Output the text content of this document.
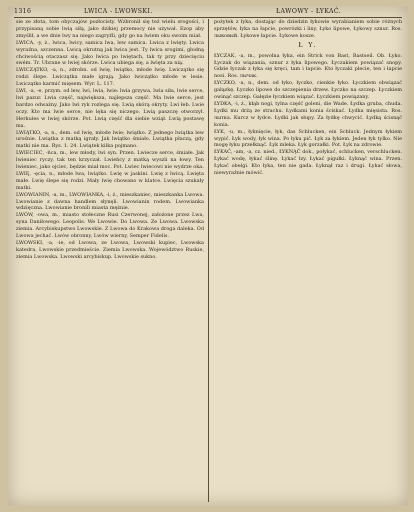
1316	LWICA - LWOWSKI.	ŁAWOWY - ŁYKAĆ.

sie ze złota, tom obyczajów pozłocisty. Wzbronił się też wielu srogości, i przypisaną sobie lwią siłą, jako dzikiej przemocy nie używał. Ezop aby zmyślił, a we dnie lwy na niego zagryźli, gdy go na lwiem oku swoim miał.

LWICA, -y, ż., lwica, lwicy, samica lwa, lew samica. Lwica z lwięty. Lwica wyraźna, szczenna. Lwicą okrutną jak lwica jest. Ty lwica srogimi, głodną chciwością otaczasz się. Jako lwica po lwiętach, tak ty przy dziecięciu swém. Tr. Ubrane w lwiej skórze. Lwica ubiega się, a lwięta za nią.

LWICZĄTKO, -a, n., zdrobn. od lwię, lwiątko, młode lwię. Lwiczątko się rodzi ślepe. Lwiczątka małe igrają. Jako lwiczątko młode w lesie. Lwiczątko karmić mięsem. Wyr. L. 117.

LWI, -a, -e, przym. od lew, lwi, lwia, lwie: lwia grzywa, lwia siła, lwie serce, lwi pazur. Lwia część, największa, najlepsza część. Ma lwie serce, jest bardzo odważny. Jako lwi ryk rozlega się. Lwią skórą okryty. Lwi łeb. Lwie oczy. Kto ma lwie serce, nie lęka się niczego. Lwią paszczę otworzył. Herkules w lwiej skórze. Pot. Lwią część dla siebie wziął. Lwią postawę ma.

LWIĄTKO, -a, n., dem. od lwię, młode lwie; lwiątko. Z jednego lwiątka lew urośnie. Lwiątka z matką igrały. Jak lwiątko śmiało. Lwiątka płaczą, gdy matki nie ma. Rys. 1. 24. Lwiątek kilka pojmano.

LWIECIEC, -ńca, m., lew młody, lwi syn. Przen. Lwiecze serce, śmiałe. Jak lwieniec ryczy, tak ten krzyczał. Lwieńcy z matką wyszli na łowy. Ten lwieniec, jako ojciec, będzie miał moc. Pot. Lwiec lwiecowi nie wydrze oka.

LWIĘ, -ęcia, n., młode lwa, lwiątko. Lwię w jaskini. Lwię z lwicą. Lwięta małe. Lwię ślepe się rodzi. Mały lwię chowano w klatce. Lwięcia szukały matki.

LWOWIANIN, -a, m., LWOWIANKA, -i, ż., mieszkaniec, mieszkanka Lwowa. Lwowianie z dawna handlem słynęli. Lwowianin rodem. Lwowianka wdzięczna. Lwowianie bronili miasta mężnie.

LWÓW, -owa, m., miasto stołeczne Rusi Czerwonej, założone przez Lwa, syna Daniłowego. Leopolis. We Lwowie. Do Lwowa. Ze Lwowa. Lwowska ziemia. Arcybiskupstwo Lwowskie. Z Lwowa do Krakowa droga daleka. Od Lwowa jechać. Lwów obronny, Lwów wierny, Semper Fidelis.

LWOWSKI, -a, -ie, od Lwowa, ze Lwowa, Lwowski kupiec, Lwowska katedra, Lwowskie przedmieście. Ziemia Lwowska. Województwo Ruskie, ziemia Lwowska. Lwowski arcybiskup. Lwowskie sukno.

pożytek z łyka, dostając do dziedzin łykowie wyrabianiem sobie różnych sprzętów, łyka na łapcie, powrózki i liny, Łyko lipowe, Łykowy sznur. Ros. лыковый. Łykowe łapcie. Łykowe kosze.

Ł Y.

ŁYCZAK, -a, m., powolna łyka, ein Strick von Bast, Bastseil. Ob. Łyko. Łyczak do wiązania, sznur z łyka lipowego. Łyczakiem powiązać snopy. Gdzie łyczak z łyka się kręci, tam i łapcie. Kto łyczaki plecie, ten i łapcie nosi. Ros. лычак.

ŁYCZKO, -a, n., dem. od łyko, łyczko, cienkie łyko. Łyczkiem obwiązać gałązkę. Łyczko lipowe do szczepienia drzew. Łyczko na szczep. Łyczkiem owinąć szczep. Gałęzie łyczkiem wiązać. Łyczkiem powiązany.

ŁYDKA, -i, ż., kłąb nogi, tylna część goleni, die Wade. Łydka gruba, chuda. Łydki mu drżą ze strachu. Łydkami konia ściskać. Łydka mięsista. Ros. лытка. Kurcz w łydce. Łydki jak słupy. Za łydkę chwycić. Łydką ścisnąć konia.

ŁYK, -u, m., łyknięcie, łyk, das Schlucken, ein Schluck. Jednym łykiem wypić. Łyk wody, łyk wina. Po łyku pić. Łyk za łykiem. Jeden łyk tylko. Nie mogę łyku przełknąć. Łyk mleka. Łyk gorzałki. Pot. Łyk na zdrowie.

ŁYKAĆ, -am, -a, cz. nied., ŁYKNĄĆ dok., połykać, schlucken, verschlucken. Łykać wodę, łykać ślinę. Łykać łzy. Łykać pigułki. Łyknąć wina. Przen. Łykać obelgi. Kto łyka, ten nie gada. Łyknął raz i drugi. Łykać słowa, niewyraźnie mówić.
